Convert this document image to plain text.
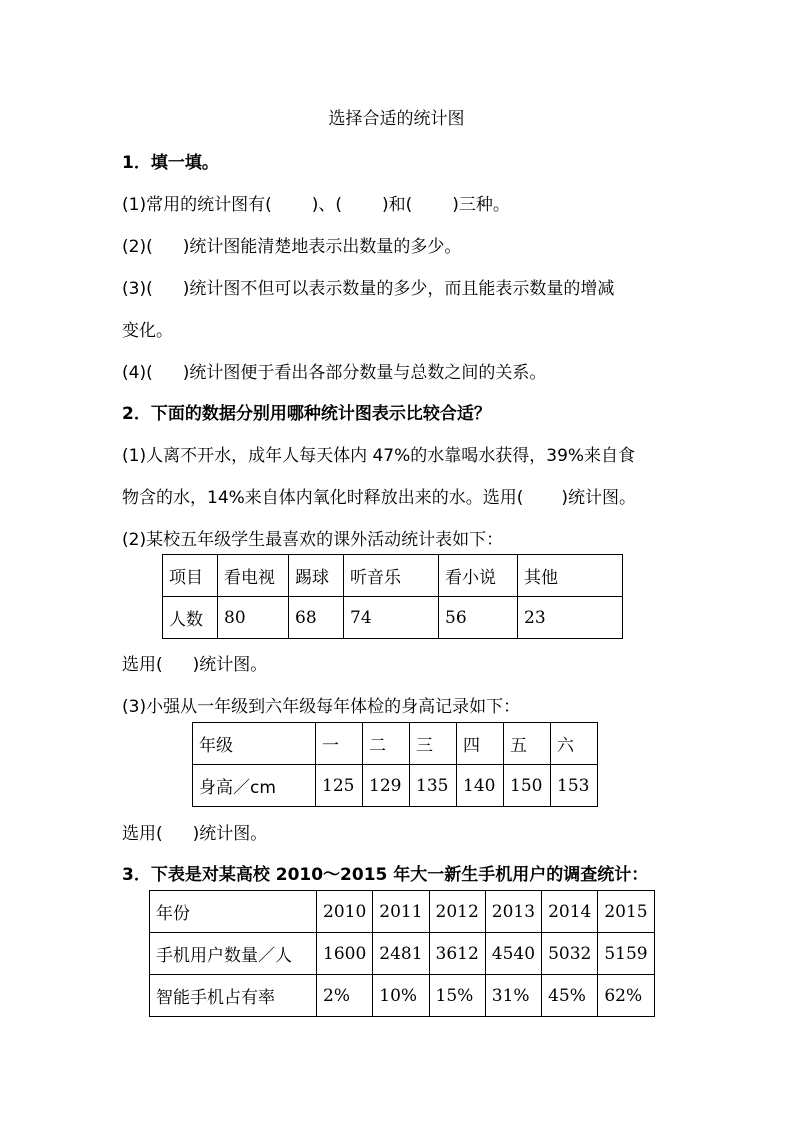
选择合适的统计图
1．填一填。
(1)常用的统计图有( )、( )和( )三种。
(2)( )统计图能清楚地表示出数量的多少。
(3)( )统计图不但可以表示数量的多少，而且能表示数量的增减
变化。
(4)( )统计图便于看出各部分数量与总数之间的关系。
2．下面的数据分别用哪种统计图表示比较合适？
(1)人离不开水，成年人每天体内 47%的水靠喝水获得，39%来自食
物含的水，14%来自体内氧化时释放出来的水。选用( )统计图。
(2)某校五年级学生最喜欢的课外活动统计表如下：
项目	看电视	踢球	听音乐	看小说	其他
人数	80	68	74	56	23
选用( )统计图。
(3)小强从一年级到六年级每年体检的身高记录如下：
年级	一	二	三	四	五	六
身高／cm	125	129	135	140	150	153
选用( )统计图。
3．下表是对某高校 2010～2015 年大一新生手机用户的调查统计：
年份	2010	2011	2012	2013	2014	2015
手机用户数量／人	1600	2481	3612	4540	5032	5159
智能手机占有率	2%	10%	15%	31%	45%	62%
